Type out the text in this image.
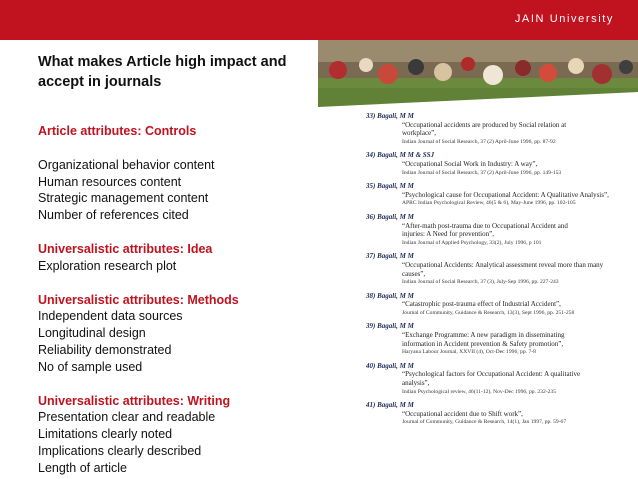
JAIN University
What makes Article high impact and accept in journals
Article attributes: Controls
Organizational behavior content
Human resources content
Strategic management content
Number of references cited
Universalistic attributes: Idea
Exploration research plot
Universalistic attributes: Methods
Independent data sources
Longitudinal design
Reliability demonstrated
No of sample used
Universalistic attributes: Writing
Presentation clear and readable
Limitations clearly noted
Implications clearly described
Length of article
33) Bagali, M M
“Occupational accidents are produced by Social relation at
workplace”,
Indian Journal of Social Research, 37 (2) April-June 1996, pp. 87-92
34) Bagali, M M & SSJ
“Occupational Social Work in Industry: A way”,
Indian Journal of Social Research, 37 (2) April-June 1996, pp. 149-153
35) Bagali, M M
“Psychological cause for Occupational Accident: A Qualitative Analysis”,
APRC Indian Psychological Review, 46(5 & 6), May-June 1996, pp. 102-105
36) Bagali, M M
“After-math post-trauma due to Occupational Accident and
injuries: A Need for prevention”,
Indian Journal of Applied Psychology, 33(2), July 1996, p 101
37) Bagali, M M
“Occupational Accidents: Analytical assessment reveal more than many
causes”,
Indian Journal of Social Research, 37 (3), July-Sep 1996, pp. 227-243
38) Bagali, M M
“Catastrophic post-trauma effect of Industrial Accident”,
Journal of Community, Guidance & Research, 13(3), Sept 1996, pp. 251-258
39) Bagali, M M
“Exchange Programme: A new paradigm in disseminating
information in Accident prevention & Safety promotion”,
Haryana Labour Journal, XXVII (4), Oct-Dec 1996, pp. 7-8
40) Bagali, M M
“Psychological factors for Occupational Accident: A qualitative
analysis”,
Indian Psychological review, 46(11-12), Nov-Dec 1996, pp. 232-235
41) Bagali, M M
“Occupational accident due to Shift work”,
Journal of Community, Guidance & Research, 14(1), Jan 1997, pp. 59-67
